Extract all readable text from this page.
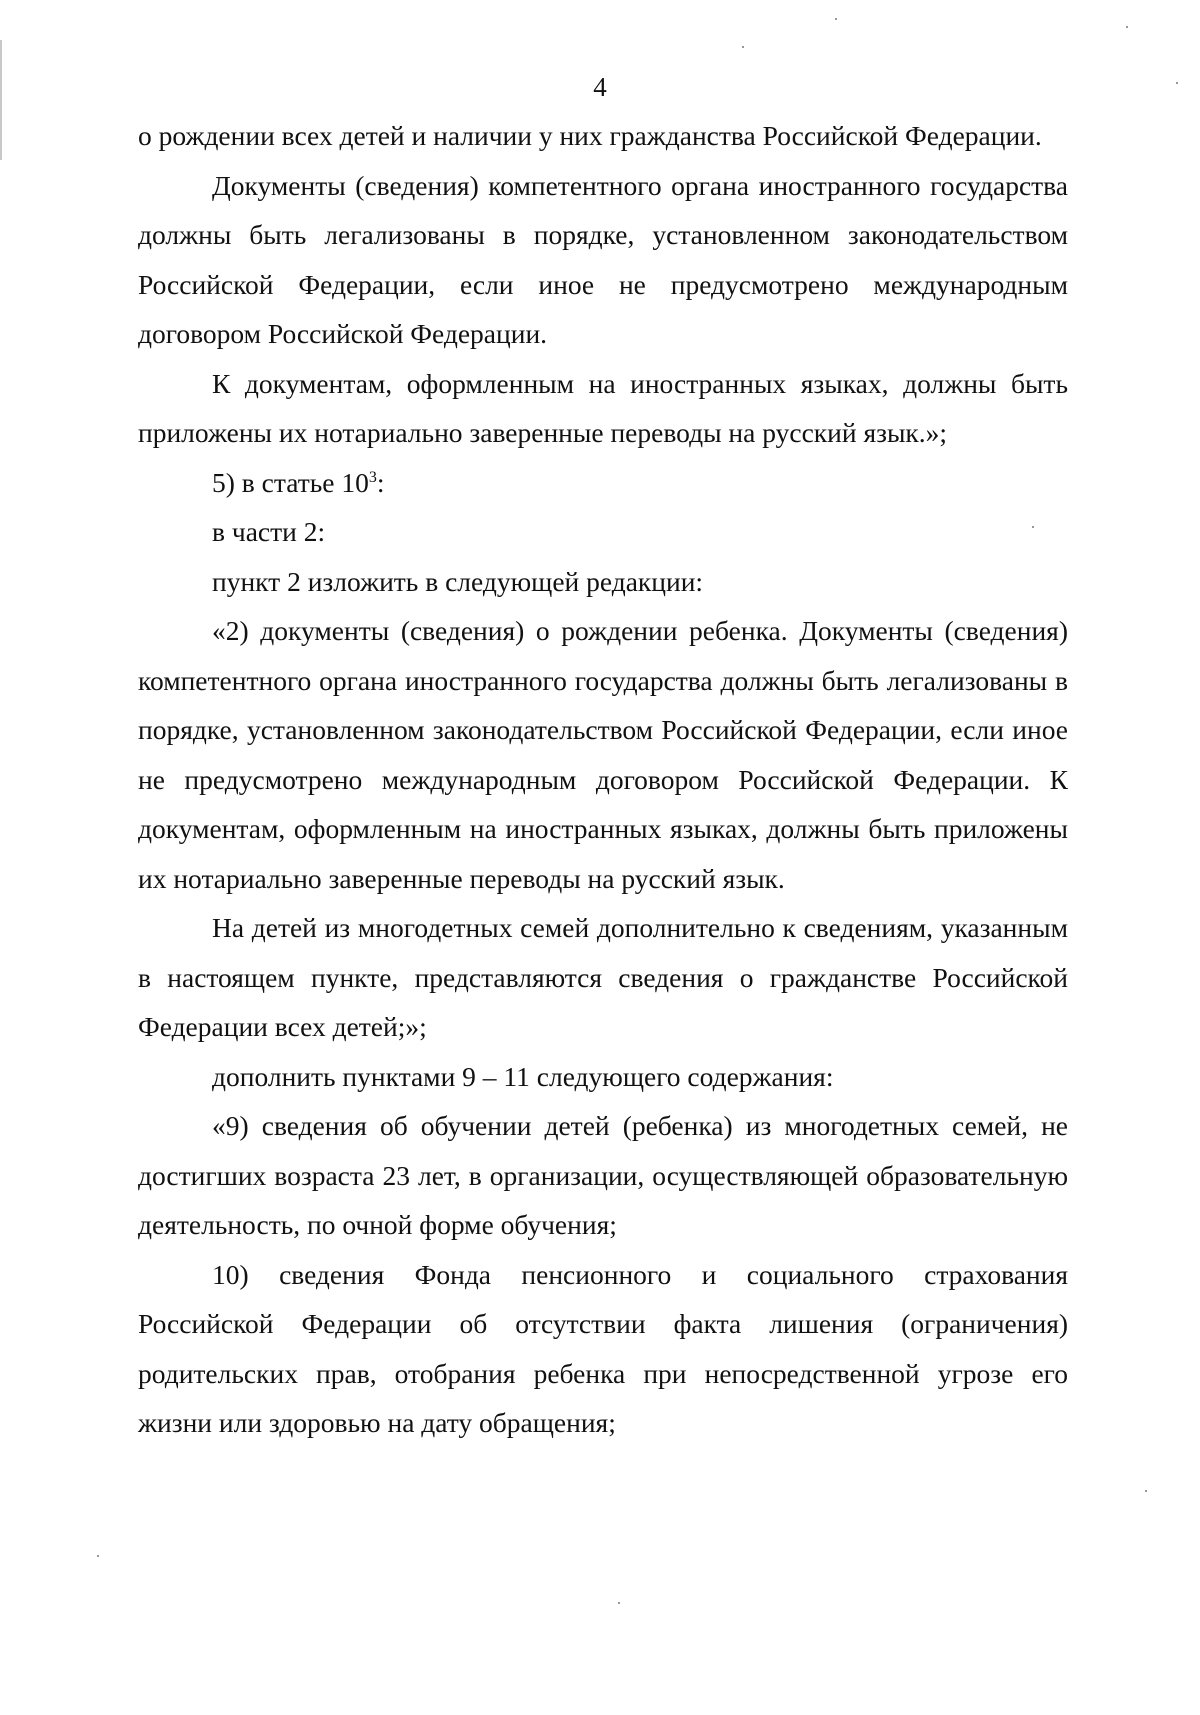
4

о рождении всех детей и наличии у них гражданства Российской Федерации.

Документы (сведения) компетентного органа иностранного государства должны быть легализованы в порядке, установленном законодательством Российской Федерации, если иное не предусмотрено международным договором Российской Федерации.

К документам, оформленным на иностранных языках, должны быть приложены их нотариально заверенные переводы на русский язык.»;

5) в статье $10^3$:

в части 2:

пункт 2 изложить в следующей редакции:

«2) документы (сведения) о рождении ребенка. Документы (сведения) компетентного органа иностранного государства должны быть легализованы в порядке, установленном законодательством Российской Федерации, если иное не предусмотрено международным договором Российской Федерации. К документам, оформленным на иностранных языках, должны быть приложены их нотариально заверенные переводы на русский язык.

На детей из многодетных семей дополнительно к сведениям, указанным в настоящем пункте, представляются сведения о гражданстве Российской Федерации всех детей;»;

дополнить пунктами 9 – 11 следующего содержания:

«9) сведения об обучении детей (ребенка) из многодетных семей, не достигших возраста 23 лет, в организации, осуществляющей образовательную деятельность, по очной форме обучения;

10) сведения Фонда пенсионного и социального страхования Российской Федерации об отсутствии факта лишения (ограничения) родительских прав, отобрания ребенка при непосредственной угрозе его жизни или здоровью на дату обращения;
